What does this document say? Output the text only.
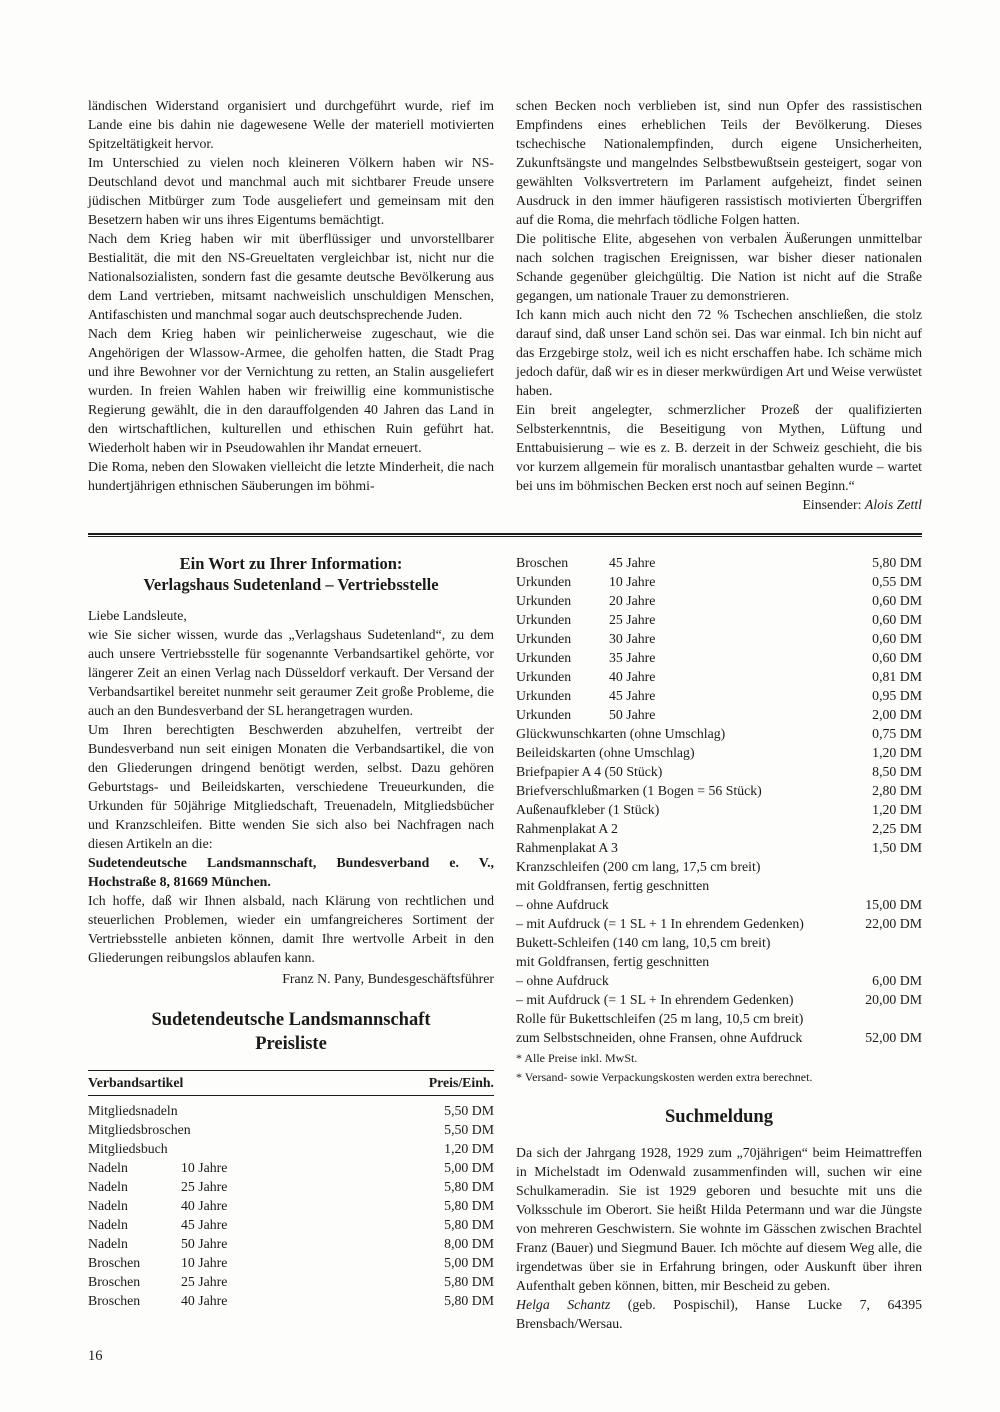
ländischen Widerstand organisiert und durchgeführt wurde, rief im Lande eine bis dahin nie dagewesene Welle der materiell motivierten Spitzeltätigkeit hervor.

Im Unterschied zu vielen noch kleineren Völkern haben wir NS-Deutschland devot und manchmal auch mit sichtbarer Freude unsere jüdischen Mitbürger zum Tode ausgeliefert und gemeinsam mit den Besetzern haben wir uns ihres Eigentums bemächtigt.

Nach dem Krieg haben wir mit überflüssiger und unvorstellbarer Bestialität, die mit den NS-Greueltaten vergleichbar ist, nicht nur die Nationalsozialisten, sondern fast die gesamte deutsche Bevölkerung aus dem Land vertrieben, mitsamt nachweislich unschuldigen Menschen, Antifaschisten und manchmal sogar auch deutschsprechende Juden.

Nach dem Krieg haben wir peinlicherweise zugeschaut, wie die Angehörigen der Wlassow-Armee, die geholfen hatten, die Stadt Prag und ihre Bewohner vor der Vernichtung zu retten, an Stalin ausgeliefert wurden. In freien Wahlen haben wir freiwillig eine kommunistische Regierung gewählt, die in den darauffolgenden 40 Jahren das Land in den wirtschaftlichen, kulturellen und ethischen Ruin geführt hat. Wiederholt haben wir in Pseudowahlen ihr Mandat erneuert.

Die Roma, neben den Slowaken vielleicht die letzte Minderheit, die nach hundertjährigen ethnischen Säuberungen im böhmi-

schen Becken noch verblieben ist, sind nun Opfer des rassistischen Empfindens eines erheblichen Teils der Bevölkerung. Dieses tschechische Nationalempfinden, durch eigene Unsicherheiten, Zukunftsängste und mangelndes Selbstbewußtsein gesteigert, sogar von gewählten Volksvertretern im Parlament aufgeheizt, findet seinen Ausdruck in den immer häufigeren rassistisch motivierten Übergriffen auf die Roma, die mehrfach tödliche Folgen hatten.

Die politische Elite, abgesehen von verbalen Äußerungen unmittelbar nach solchen tragischen Ereignissen, war bisher dieser nationalen Schande gegenüber gleichgültig. Die Nation ist nicht auf die Straße gegangen, um nationale Trauer zu demonstrieren.

Ich kann mich auch nicht den 72 % Tschechen anschließen, die stolz darauf sind, daß unser Land schön sei. Das war einmal. Ich bin nicht auf das Erzgebirge stolz, weil ich es nicht erschaffen habe. Ich schäme mich jedoch dafür, daß wir es in dieser merkwürdigen Art und Weise verwüstet haben.

Ein breit angelegter, schmerzlicher Prozeß der qualifizierten Selbsterkenntnis, die Beseitigung von Mythen, Lüftung und Enttabuisierung – wie es z. B. derzeit in der Schweiz geschieht, die bis vor kurzem allgemein für moralisch unantastbar gehalten wurde – wartet bei uns im böhmischen Becken erst noch auf seinen Beginn.“

Einsender: Alois Zettl
Ein Wort zu Ihrer Information:
Verlagshaus Sudetenland – Vertriebsstelle

Liebe Landsleute,

wie Sie sicher wissen, wurde das „Verlagshaus Sudetenland“, zu dem auch unsere Vertriebsstelle für sogenannte Verbandsartikel gehörte, vor längerer Zeit an einen Verlag nach Düsseldorf verkauft. Der Versand der Verbandsartikel bereitet nunmehr seit geraumer Zeit große Probleme, die auch an den Bundesverband der SL herangetragen wurden.

Um Ihren berechtigten Beschwerden abzuhelfen, vertreibt der Bundesverband nun seit einigen Monaten die Verbandsartikel, die von den Gliederungen dringend benötigt werden, selbst. Dazu gehören Geburtstags- und Beileidskarten, verschiedene Treueurkunden, die Urkunden für 50jährige Mitgliedschaft, Treuenadeln, Mitgliedsbücher und Kranzschleifen. Bitte wenden Sie sich also bei Nachfragen nach diesen Artikeln an die:

Sudetendeutsche Landsmannschaft, Bundesverband e. V., Hochstraße 8, 81669 München.

Ich hoffe, daß wir Ihnen alsbald, nach Klärung von rechtlichen und steuerlichen Problemen, wieder ein umfangreicheres Sortiment der Vertriebsstelle anbieten können, damit Ihre wertvolle Arbeit in den Gliederungen reibungslos ablaufen kann.

Franz N. Pany, Bundesgeschäftsführer
Sudetendeutsche Landsmannschaft
Preisliste
Verbandsartikel	Preis/Einh.
Mitgliedsnadeln	5,50 DM
Mitgliedsbroschen	5,50 DM
Mitgliedsbuch	1,20 DM
Nadeln	10 Jahre	5,00 DM
Nadeln	25 Jahre	5,80 DM
Nadeln	40 Jahre	5,80 DM
Nadeln	45 Jahre	5,80 DM
Nadeln	50 Jahre	8,00 DM
Broschen	10 Jahre	5,00 DM
Broschen	25 Jahre	5,80 DM
Broschen	40 Jahre	5,80 DM
Broschen	45 Jahre	5,80 DM
Urkunden	10 Jahre	0,55 DM
Urkunden	20 Jahre	0,60 DM
Urkunden	25 Jahre	0,60 DM
Urkunden	30 Jahre	0,60 DM
Urkunden	35 Jahre	0,60 DM
Urkunden	40 Jahre	0,81 DM
Urkunden	45 Jahre	0,95 DM
Urkunden	50 Jahre	2,00 DM
Glückwunschkarten (ohne Umschlag)	0,75 DM
Beileidskarten (ohne Umschlag)	1,20 DM
Briefpapier A 4 (50 Stück)	8,50 DM
Briefverschlußmarken (1 Bogen = 56 Stück)	2,80 DM
Außenaufkleber (1 Stück)	1,20 DM
Rahmenplakat A 2	2,25 DM
Rahmenplakat A 3	1,50 DM
Kranzschleifen (200 cm lang, 17,5 cm breit)
mit Goldfransen, fertig geschnitten
– ohne Aufdruck	15,00 DM
– mit Aufdruck (= 1 SL + 1 In ehrendem Gedenken)	22,00 DM
Bukett-Schleifen (140 cm lang, 10,5 cm breit)
mit Goldfransen, fertig geschnitten
– ohne Aufdruck	6,00 DM
– mit Aufdruck (= 1 SL + In ehrendem Gedenken)	20,00 DM
Rolle für Bukettschleifen (25 m lang, 10,5 cm breit)
zum Selbstschneiden, ohne Fransen, ohne Aufdruck	52,00 DM
* Alle Preise inkl. MwSt.
* Versand- sowie Verpackungskosten werden extra berechnet.
Suchmeldung

Da sich der Jahrgang 1928, 1929 zum „70jährigen“ beim Heimattreffen in Michelstadt im Odenwald zusammenfinden will, suchen wir eine Schulkameradin. Sie ist 1929 geboren und besuchte mit uns die Volksschule im Oberort. Sie heißt Hilda Petermann und war die Jüngste von mehreren Geschwistern. Sie wohnte im Gässchen zwischen Brachtel Franz (Bauer) und Siegmund Bauer. Ich möchte auf diesem Weg alle, die irgendetwas über sie in Erfahrung bringen, oder Auskunft über ihren Aufenthalt geben können, bitten, mir Bescheid zu geben.

Helga Schantz (geb. Pospischil), Hanse Lucke 7, 64395 Brensbach/Wersau.

16
